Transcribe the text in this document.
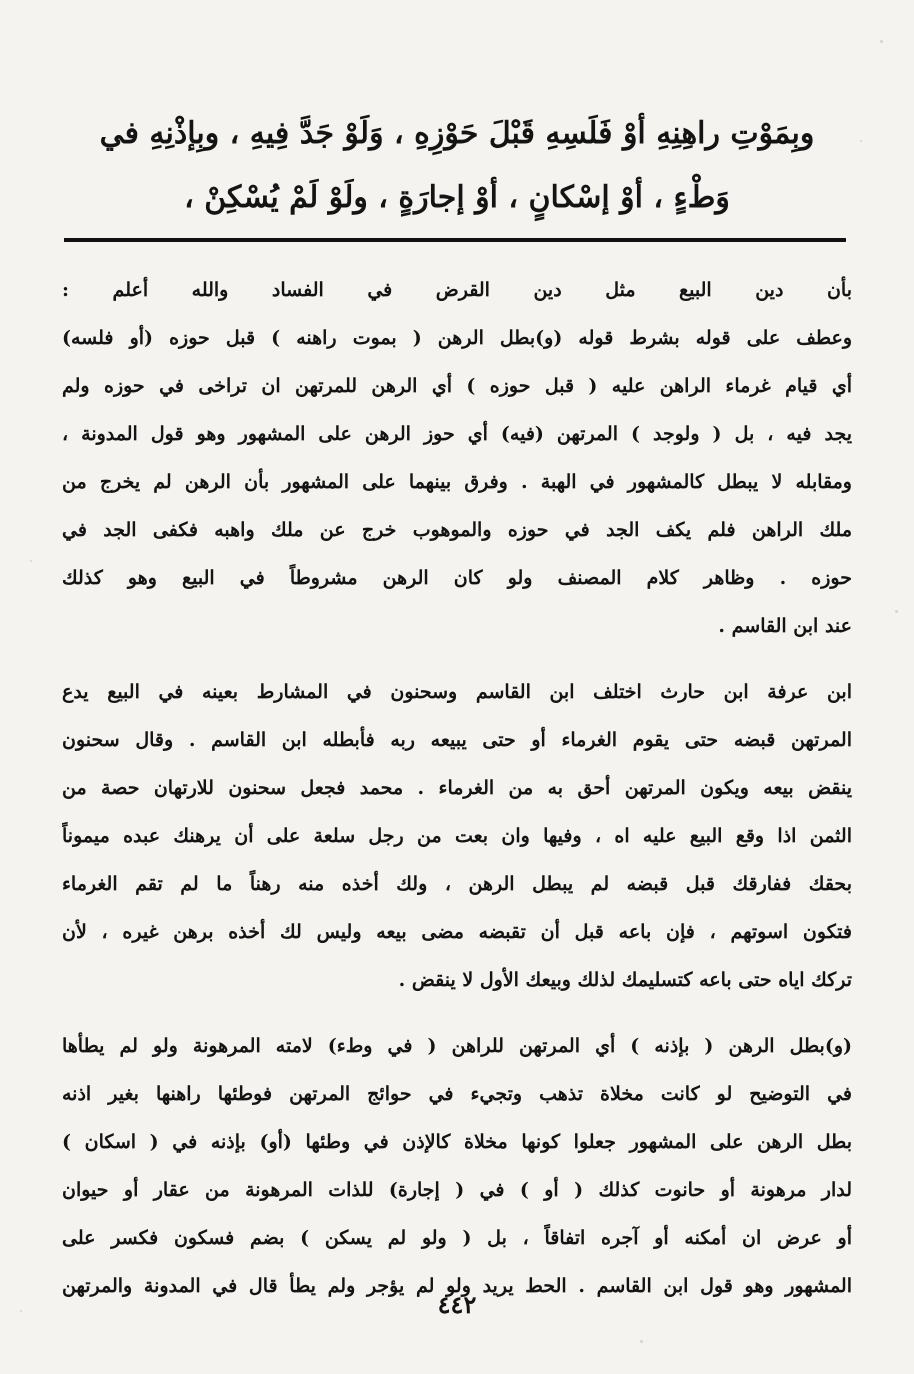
وبِمَوْتِ راهِنِهِ أوْ فَلَسِهِ قَبْلَ حَوْزِهِ ، وَلَوْ جَدَّ فِيهِ ، وبِإذْنِهِ في
وَطْءٍ ، أوْ إسْكانٍ ، أوْ إجارَةٍ ، ولَوْ لَمْ يُسْكِنْ ،
بأن دين البيع مثل دين القرض في الفساد والله أعلم :
وعطف على قوله بشرط قوله (و)بطل الرهن ( بموت راهنه ) قبل حوزه (أو فلسه)
أي قيام غرماء الراهن عليه ( قبل حوزه ) أي الرهن للمرتهن ان تراخى في حوزه ولم
يجد فيه ، بل ( ولوجد ) المرتهن (فيه) أي حوز الرهن على المشهور وهو قول المدونة ،
ومقابله لا يبطل كالمشهور في الهبة . وفرق بينهما على المشهور بأن الرهن لم يخرج من
ملك الراهن فلم يكف الجد في حوزه والموهوب خرج عن ملك واهبه فكفى الجد في
حوزه . وظاهر كلام المصنف ولو كان الرهن مشروطاً في البيع وهو كذلك
عند ابن القاسم .
ابن عرفة ابن حارث اختلف ابن القاسم وسحنون في المشارط بعينه في البيع يدع
المرتهن قبضه حتى يقوم الغرماء أو حتى يبيعه ربه فأبطله ابن القاسم . وقال سحنون
ينقض بيعه ويكون المرتهن أحق به من الغرماء . محمد فجعل سحنون للارتهان حصة من
الثمن اذا وقع البيع عليه اه ، وفيها وان بعت من رجل سلعة على أن يرهنك عبده ميموناً
بحقك ففارقك قبل قبضه لم يبطل الرهن ، ولك أخذه منه رهناً ما لم تقم الغرماء
فتكون اسوتهم ، فإن باعه قبل أن تقبضه مضى بيعه وليس لك أخذه برهن غيره ، لأن
تركك اياه حتى باعه كتسليمك لذلك وبيعك الأول لا ينقض .
(و)بطل الرهن ( بإذنه ) أي المرتهن للراهن ( في وطء) لامته المرهونة ولو لم يطأها
في التوضيح لو كانت مخلاة تذهب وتجيء في حوائج المرتهن فوطئها راهنها بغير اذنه
بطل الرهن على المشهور جعلوا كونها مخلاة كالإذن في وطئها (أو) بإذنه في ( اسكان )
لدار مرهونة أو حانوت كذلك ( أو ) في ( إجارة) للذات المرهونة من عقار أو حيوان
أو عرض ان أمكنه أو آجره اتفاقاً ، بل ( ولو لم يسكن ) بضم فسكون فكسر على
المشهور وهو قول ابن القاسم . الحط يريد ولو لم يؤجر ولم يطأ قال في المدونة والمرتهن
٤٤٢
